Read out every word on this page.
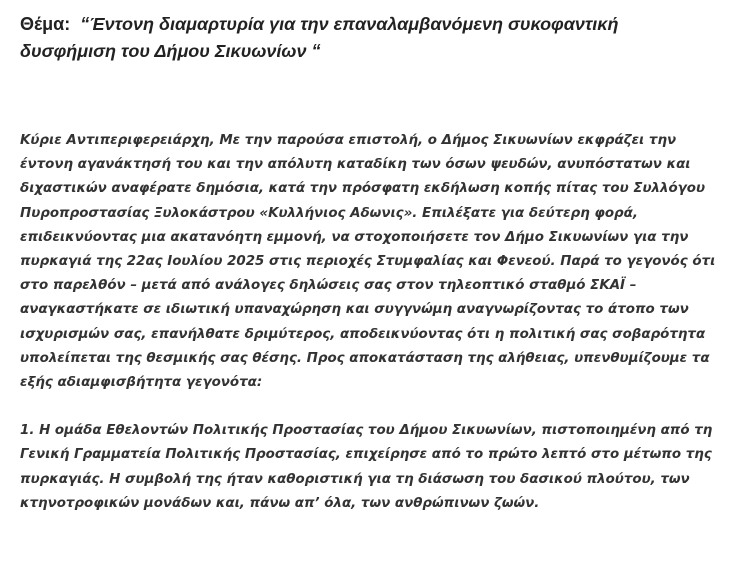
Θέμα: “Έντονη διαμαρτυρία για την επαναλαμβανόμενη συκοφαντική δυσφήμιση του Δήμου Σικυωνίων “

Κύριε Αντιπεριφερειάρχη, Με την παρούσα επιστολή, ο Δήμος Σικυωνίων εκφράζει την έντονη αγανάκτησή του και την απόλυτη καταδίκη των όσων ψευδών, ανυπόστατων και διχαστικών αναφέρατε δημόσια, κατά την πρόσφατη εκδήλωση κοπής πίτας του Συλλόγου Πυροπροστασίας Ξυλοκάστρου «Κυλλήνιος Αδωνις». Επιλέξατε για δεύτερη φορά, επιδεικνύοντας μια ακατανόητη εμμονή, να στοχοποιήσετε τον Δήμο Σικυωνίων για την πυρκαγιά της 22ας Ιουλίου 2025 στις περιοχές Στυμφαλίας και Φενεού. Παρά το γεγονός ότι στο παρελθόν – μετά από ανάλογες δηλώσεις σας στον τηλεοπτικό σταθμό ΣΚΑΪ – αναγκαστήκατε σε ιδιωτική υπαναχώρηση και συγγνώμη αναγνωρίζοντας το άτοπο των ισχυρισμών σας, επανήλθατε δριμύτερος, αποδεικνύοντας ότι η πολιτική σας σοβαρότητα υπολείπεται της θεσμικής σας θέσης. Προς αποκατάσταση της αλήθειας, υπενθυμίζουμε τα εξής αδιαμφισβήτητα γεγονότα:

1. Η ομάδα Εθελοντών Πολιτικής Προστασίας του Δήμου Σικυωνίων, πιστοποιημένη από τη Γενική Γραμματεία Πολιτικής Προστασίας, επιχείρησε από το πρώτο λεπτό στο μέτωπο της πυρκαγιάς. Η συμβολή της ήταν καθοριστική για τη διάσωση του δασικού πλούτου, των κτηνοτροφικών μονάδων και, πάνω απ’ όλα, των ανθρώπινων ζωών.
